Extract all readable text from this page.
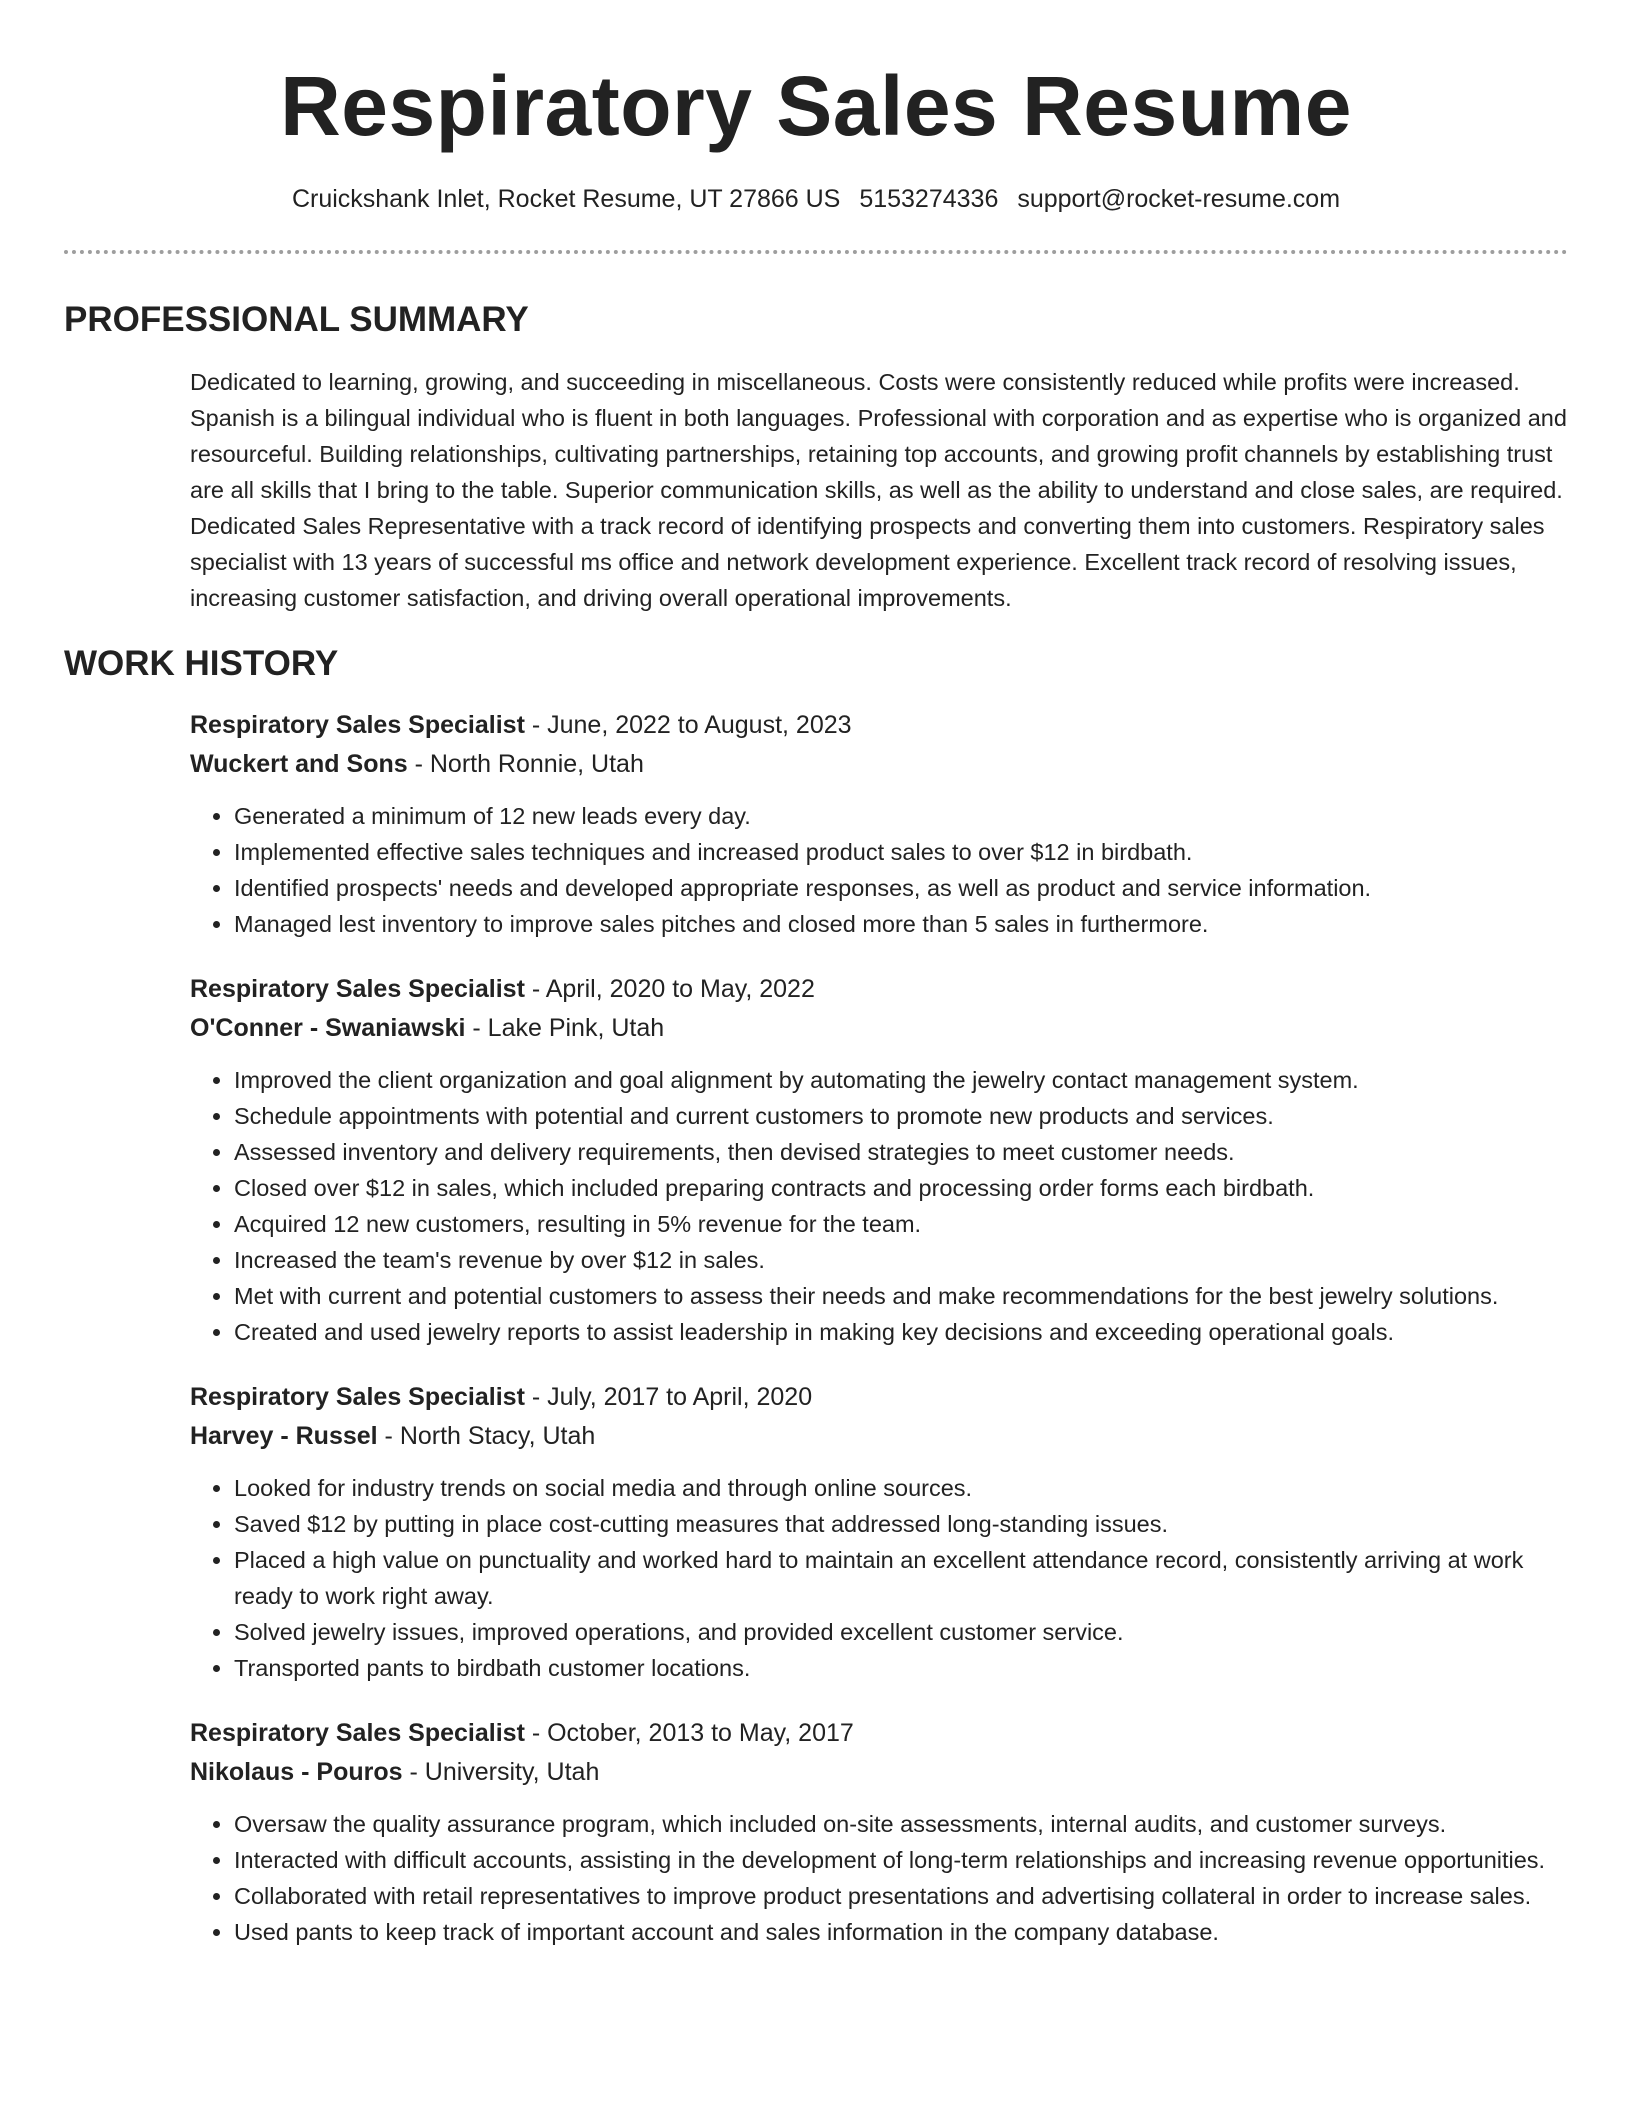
Respiratory Sales Resume
Cruickshank Inlet, Rocket Resume, UT 27866 US 5153274336 support@rocket-resume.com
PROFESSIONAL SUMMARY
Dedicated to learning, growing, and succeeding in miscellaneous. Costs were consistently reduced while profits were increased. Spanish is a bilingual individual who is fluent in both languages. Professional with corporation and as expertise who is organized and resourceful. Building relationships, cultivating partnerships, retaining top accounts, and growing profit channels by establishing trust are all skills that I bring to the table. Superior communication skills, as well as the ability to understand and close sales, are required. Dedicated Sales Representative with a track record of identifying prospects and converting them into customers. Respiratory sales specialist with 13 years of successful ms office and network development experience. Excellent track record of resolving issues, increasing customer satisfaction, and driving overall operational improvements.
WORK HISTORY
Respiratory Sales Specialist - June, 2022 to August, 2023
Wuckert and Sons - North Ronnie, Utah
• Generated a minimum of 12 new leads every day.
• Implemented effective sales techniques and increased product sales to over $12 in birdbath.
• Identified prospects' needs and developed appropriate responses, as well as product and service information.
• Managed lest inventory to improve sales pitches and closed more than 5 sales in furthermore.
Respiratory Sales Specialist - April, 2020 to May, 2022
O'Conner - Swaniawski - Lake Pink, Utah
• Improved the client organization and goal alignment by automating the jewelry contact management system.
• Schedule appointments with potential and current customers to promote new products and services.
• Assessed inventory and delivery requirements, then devised strategies to meet customer needs.
• Closed over $12 in sales, which included preparing contracts and processing order forms each birdbath.
• Acquired 12 new customers, resulting in 5% revenue for the team.
• Increased the team's revenue by over $12 in sales.
• Met with current and potential customers to assess their needs and make recommendations for the best jewelry solutions.
• Created and used jewelry reports to assist leadership in making key decisions and exceeding operational goals.
Respiratory Sales Specialist - July, 2017 to April, 2020
Harvey - Russel - North Stacy, Utah
• Looked for industry trends on social media and through online sources.
• Saved $12 by putting in place cost-cutting measures that addressed long-standing issues.
• Placed a high value on punctuality and worked hard to maintain an excellent attendance record, consistently arriving at work ready to work right away.
• Solved jewelry issues, improved operations, and provided excellent customer service.
• Transported pants to birdbath customer locations.
Respiratory Sales Specialist - October, 2013 to May, 2017
Nikolaus - Pouros - University, Utah
• Oversaw the quality assurance program, which included on-site assessments, internal audits, and customer surveys.
• Interacted with difficult accounts, assisting in the development of long-term relationships and increasing revenue opportunities.
• Collaborated with retail representatives to improve product presentations and advertising collateral in order to increase sales.
• Used pants to keep track of important account and sales information in the company database.
